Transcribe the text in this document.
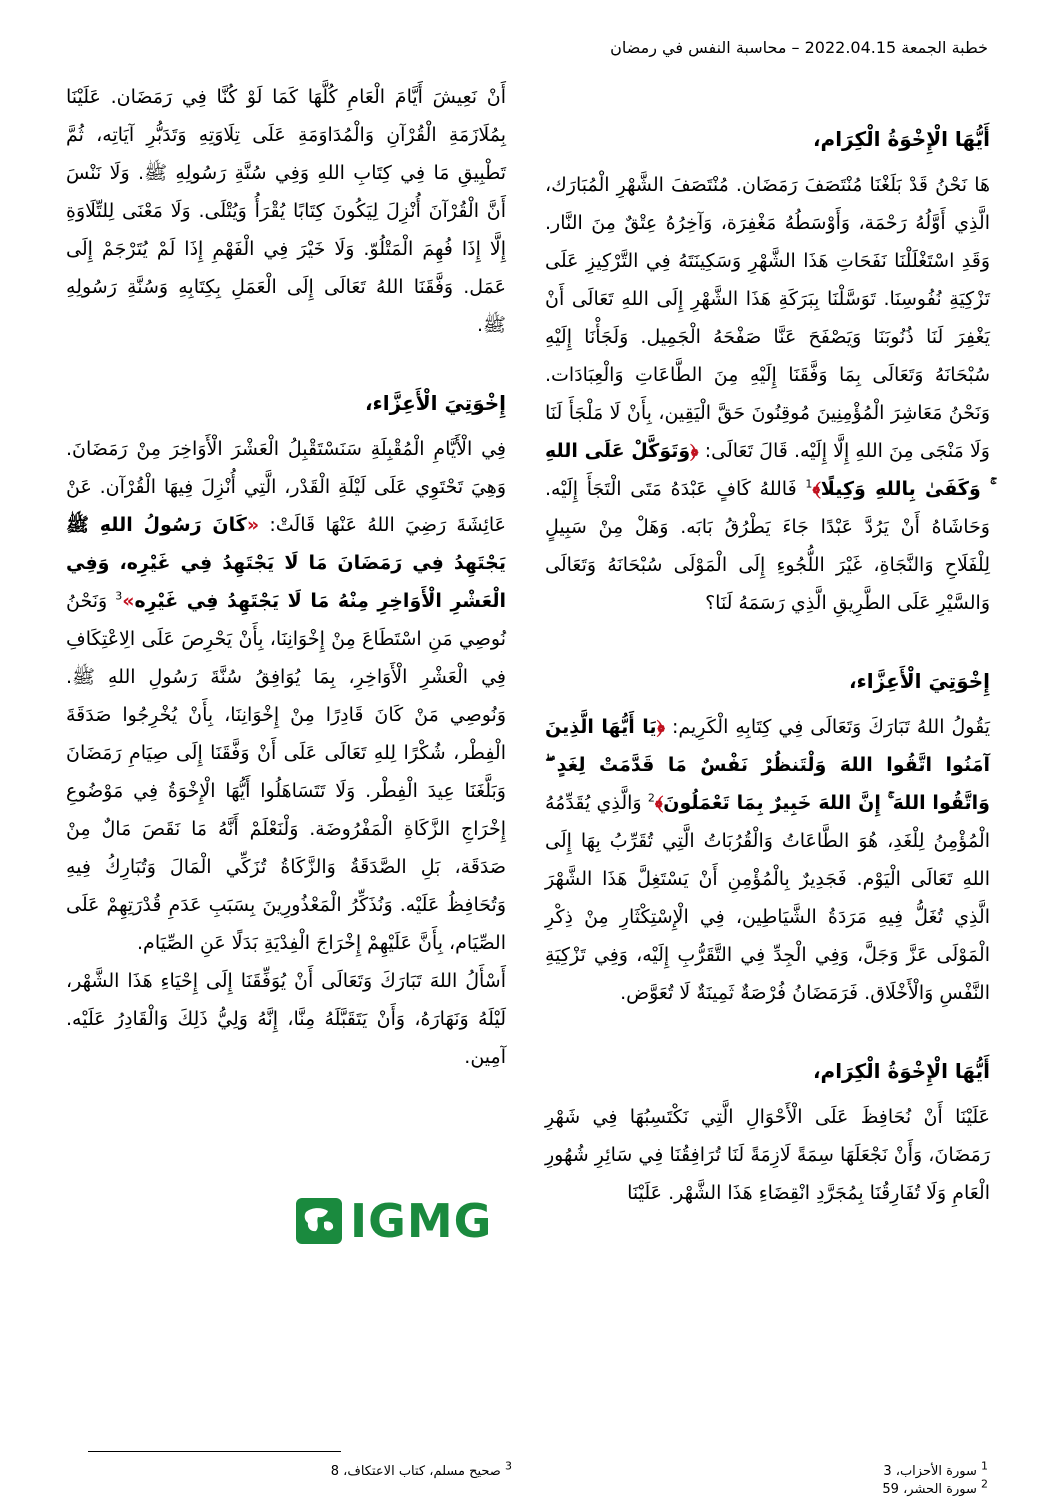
خطبة الجمعة 2022.04.15 – محاسبة النفس في رمضان
أَيُّهَا الْإِخْوَةُ الْكِرَام،

هَا نَحْنُ قَدْ بَلَغْنَا مُنْتَصَفَ رَمَضَان. مُنْتَصَفَ الشَّهْرِ الْمُبَارَك، الَّذِي أَوَّلُهُ رَحْمَة، وَأَوْسَطُهُ مَغْفِرَة، وَآخِرُهُ عِتْقٌ مِنَ النَّار. وَقَدِ اسْتَغْلَلْنَا نَفَحَاتِ هَذَا الشَّهْرِ وَسَكِينَتَهُ فِي التَّرْكِيزِ عَلَى تَزْكِيَةِ نُفُوسِنَا. تَوَسَّلْنَا بِبَرَكَةِ هَذَا الشَّهْرِ إِلَى اللهِ تَعَالَى أَنْ يَغْفِرَ لَنَا ذُنُوبَنَا وَيَصْفَحَ عَنَّا صَفْحَهُ الْجَمِيل. وَلَجَأْنَا إِلَيْهِ سُبْحَانَهُ وَتَعَالَى بِمَا وَفَّقَنَا إِلَيْهِ مِنَ الطَّاعَاتِ وَالْعِبَادَات. وَنَحْنُ مَعَاشِرَ الْمُؤْمِنِينَ مُوقِنُونَ حَقَّ الْيَقِين، بِأَنْ لَا مَلْجَأَ لَنَا وَلَا مَنْجَى مِنَ اللهِ إِلَّا إِلَيْه. قَالَ تَعَالَى: ﴿وَتَوَكَّلْ عَلَى اللهِ ۚ وَكَفَىٰ بِاللهِ وَكِيلًا﴾$^1$ فَاللهُ كَافٍ عَبْدَهُ مَتَى الْتَجَأَ إِلَيْه. وَحَاشَاهُ أَنْ يَرُدَّ عَبْدًا جَاءَ يَطْرُقُ بَابَه. وَهَلْ مِنْ سَبِيلٍ لِلْفَلَاحِ وَالنَّجَاةِ، غَيْرَ اللُّجُوءِ إِلَى الْمَوْلَى سُبْحَانَهُ وَتَعَالَى وَالسَّيْرِ عَلَى الطَّرِيقِ الَّذِي رَسَمَهُ لَنَا؟

إِخْوَتِيَ الْأَعِزَّاء،

يَقُولُ اللهُ تَبَارَكَ وَتَعَالَى فِي كِتَابِهِ الْكَرِيم: ﴿يَا أَيُّهَا الَّذِينَ آمَنُوا اتَّقُوا اللهَ وَلْتَنظُرْ نَفْسٌ مَا قَدَّمَتْ لِغَدٍ ۖ وَاتَّقُوا اللهَ ۚ إِنَّ اللهَ خَبِيرٌ بِمَا تَعْمَلُونَ﴾$^2$ وَالَّذِي يُقَدِّمُهُ الْمُؤْمِنُ لِلْغَدِ، هُوَ الطَّاعَاتُ وَالْقُرُبَاتُ الَّتِي تُقَرِّبُ بِهَا إِلَى اللهِ تَعَالَى الْيَوْم. فَجَدِيرٌ بِالْمُؤْمِنِ أَنْ يَسْتَغِلَّ هَذَا الشَّهْرَ الَّذِي تُغَلُّ فِيهِ مَرَدَةُ الشَّيَاطِين، فِي الْإِسْتِكْثَارِ مِنْ ذِكْرِ الْمَوْلَى عَزَّ وَجَلَّ، وَفِي الْجِدِّ فِي التَّقَرُّبِ إِلَيْه، وَفِي تَزْكِيَةِ النَّفْسِ وَالْأَخْلَاق. فَرَمَضَانُ فُرْصَةٌ ثَمِينَةٌ لَا تُعَوَّض.

أَيُّهَا الْإِخْوَةُ الْكِرَام،

عَلَيْنَا أَنْ نُحَافِظَ عَلَى الْأَحْوَالِ الَّتِي نَكْتَسِبُهَا فِي شَهْرِ رَمَضَانَ، وَأَنْ نَجْعَلَهَا سِمَةً لَازِمَةً لَنَا تُرَافِقُنَا فِي سَائِرِ شُهُورِ الْعَامِ وَلَا تُفَارِقُنَا بِمُجَرَّدِ انْقِضَاءِ هَذَا الشَّهْر. عَلَيْنَا

أَنْ نَعِيشَ أَيَّامَ الْعَامِ كُلَّهَا كَمَا لَوْ كُنَّا فِي رَمَضَان. عَلَيْنَا بِمُلَازَمَةِ الْقُرْآنِ وَالْمُدَاوَمَةِ عَلَى تِلَاوَتِهِ وَتَدَبُّرِ آيَاتِه، ثُمَّ تَطْبِيقِ مَا فِي كِتَابِ اللهِ وَفِي سُنَّةِ رَسُولِهِ ﷺ. وَلَا نَنْسَ أَنَّ الْقُرْآنَ أُنْزِلَ لِيَكُونَ كِتَابًا يُقْرَأُ وَيُتْلَى. وَلَا مَعْنَى لِلتِّلَاوَةِ إِلَّا إِذَا فُهِمَ الْمَتْلُوّ. وَلَا خَيْرَ فِي الْفَهْمِ إِذَا لَمْ يُتَرْجَمْ إِلَى عَمَل. وَفَّقَنَا اللهُ تَعَالَى إِلَى الْعَمَلِ بِكِتَابِهِ وَسُنَّةِ رَسُولِهِ ﷺ.

إِخْوَتِيَ الْأَعِزَّاء،

فِي الْأَيَّامِ الْمُقْبِلَةِ سَنَسْتَقْبِلُ الْعَشْرَ الْأَوَاخِرَ مِنْ رَمَضَانَ. وَهِيَ تَحْتَوِي عَلَى لَيْلَةِ الْقَدْر، الَّتِي أُنْزِلَ فِيهَا الْقُرْآن. عَنْ عَائِشَةَ رَضِيَ اللهُ عَنْهَا قَالَتْ: «كَانَ رَسُولُ اللهِ ﷺ يَجْتَهِدُ فِي رَمَضَانَ مَا لَا يَجْتَهِدُ فِي غَيْرِه، وَفِي الْعَشْرِ الْأَوَاخِرِ مِنْهُ مَا لَا يَجْتَهِدُ فِي غَيْرِه»$^3$ وَنَحْنُ نُوصِي مَنِ اسْتَطَاعَ مِنْ إِخْوَانِنَا، بِأَنْ يَحْرِصَ عَلَى الِاعْتِكَافِ فِي الْعَشْرِ الْأَوَاخِرِ، بِمَا يُوَافِقُ سُنَّةَ رَسُولِ اللهِ ﷺ. وَنُوصِي مَنْ كَانَ قَادِرًا مِنْ إِخْوَانِنَا، بِأَنْ يُخْرِجُوا صَدَقَةَ الْفِطْر، شُكْرًا لِلهِ تَعَالَى عَلَى أَنْ وَفَّقَنَا إِلَى صِيَامِ رَمَضَانَ وَبَلَّغَنَا عِيدَ الْفِطْر. وَلَا تَتَسَاهَلُوا أَيُّهَا الْإِخْوَةُ فِي مَوْضُوعِ إِخْرَاجِ الزَّكَاةِ الْمَفْرُوضَة. وَلْنَعْلَمْ أَنَّهُ مَا نَقَصَ مَالٌ مِنْ صَدَقَة، بَلِ الصَّدَقَةُ وَالزَّكَاةُ تُزَكِّي الْمَالَ وَتُبَارِكُ فِيهِ وَتُحَافِظُ عَلَيْه. وَنُذَكِّرُ الْمَعْذُورِينَ بِسَبَبِ عَدَمِ قُدْرَتِهِمْ عَلَى الصِّيَام، بِأَنَّ عَلَيْهِمْ إِخْرَاجَ الْفِدْيَةِ بَدَلًا عَنِ الصِّيَام.

أَسْأَلُ اللهَ تَبَارَكَ وَتَعَالَى أَنْ يُوَفِّقَنَا إِلَى إِحْيَاءِ هَذَا الشَّهْر، لَيْلَهُ وَنَهَارَهُ، وَأَنْ يَتَقَبَّلَهُ مِنَّا، إِنَّهُ وَلِيُّ ذَلِكَ وَالْقَادِرُ عَلَيْه. آمِين.

IGMG
$^1$ سورة الأحزاب، 3
$^2$ سورة الحشر، 59
$^3$ صحيح مسلم، كتاب الاعتكاف، 8
